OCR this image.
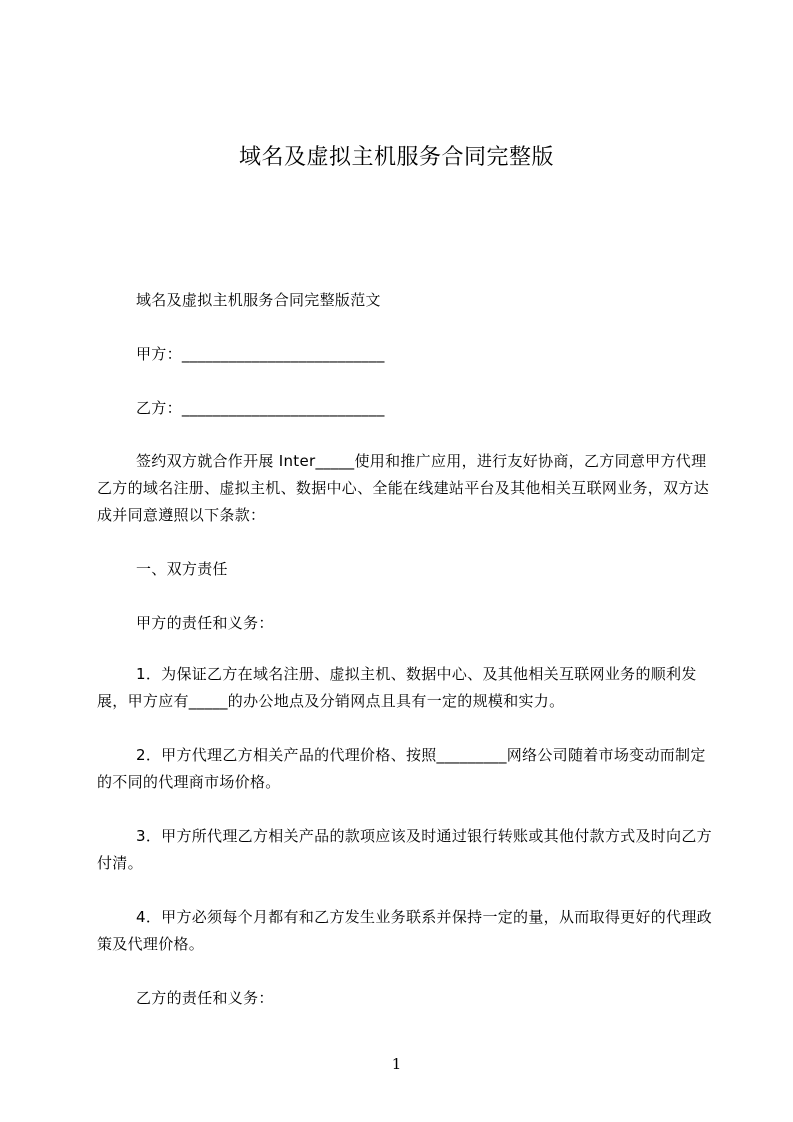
域名及虚拟主机服务合同完整版
域名及虚拟主机服务合同完整版范文
甲方：__________________________
乙方：__________________________
签约双方就合作开展 Inter_____使用和推广应用，进行友好协商，乙方同意甲方代理乙方的域名注册、虚拟主机、数据中心、全能在线建站平台及其他相关互联网业务，双方达成并同意遵照以下条款：
一、双方责任
甲方的责任和义务：
1．为保证乙方在域名注册、虚拟主机、数据中心、及其他相关互联网业务的顺利发展，甲方应有_____的办公地点及分销网点且具有一定的规模和实力。
2．甲方代理乙方相关产品的代理价格、按照_________网络公司随着市场变动而制定的不同的代理商市场价格。
3．甲方所代理乙方相关产品的款项应该及时通过银行转账或其他付款方式及时向乙方付清。
4．甲方必须每个月都有和乙方发生业务联系并保持一定的量，从而取得更好的代理政策及代理价格。
乙方的责任和义务：
1
